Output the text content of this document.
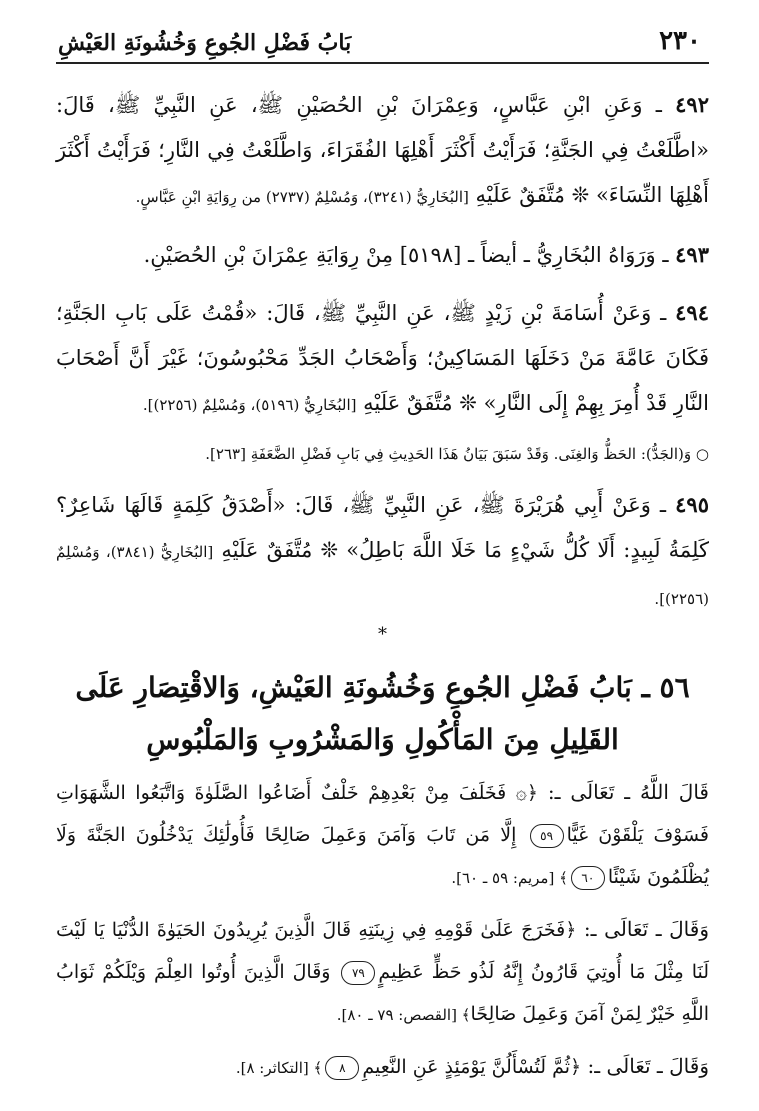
٢٣٠
بَابُ فَضْلِ الجُوعِ وَخُشُونَةِ العَيْشِ

٤٩٢ ـ وَعَنِ ابْنِ عَبَّاسٍ، وَعِمْرَانَ بْنِ الحُصَيْنِ ﷺ، عَنِ النَّبِيِّ ﷺ، قَالَ: «اطَّلَعْتُ فِي الجَنَّةِ؛ فَرَأَيْتُ أَكْثَرَ أَهْلِهَا الفُقَرَاءَ، وَاطَّلَعْتُ فِي النَّارِ؛ فَرَأَيْتُ أَكْثَرَ أَهْلِهَا النِّسَاءَ» ❊ مُتَّفَقٌ عَلَيْهِ [البُخَارِيُّ (٣٢٤١)، وَمُسْلِمٌ (٢٧٣٧) من رِوَايَةِ ابْنِ عَبَّاسٍ.

٤٩٣ ـ وَرَوَاهُ البُخَارِيُّ ـ أيضاً ـ [٥١٩٨] مِنْ رِوَايَةِ عِمْرَانَ بْنِ الحُصَيْنِ.

٤٩٤ ـ وَعَنْ أُسَامَةَ بْنِ زَيْدٍ ﷺ، عَنِ النَّبِيِّ ﷺ، قَالَ: «قُمْتُ عَلَى بَابِ الجَنَّةِ؛ فَكَانَ عَامَّةَ مَنْ دَخَلَهَا المَسَاكِينُ؛ وَأَصْحَابُ الجَدِّ مَحْبُوسُونَ؛ غَيْرَ أَنَّ أَصْحَابَ النَّارِ قَدْ أُمِرَ بِهِمْ إِلَى النَّارِ» ❊ مُتَّفَقٌ عَلَيْهِ [البُخَارِيُّ (٥١٩٦)، وَمُسْلِمٌ (٢٢٥٦)].

○ وَ(الجَدُّ): الحَظُّ وَالغِنَى. وَقَدْ سَبَقَ بَيَانُ هَذَا الحَدِيثِ فِي بَابِ فَضْلِ الضَّعَفَةِ [٢٦٣].

٤٩٥ ـ وَعَنْ أَبِي هُرَيْرَةَ ﷺ، عَنِ النَّبِيِّ ﷺ، قَالَ: «أَصْدَقُ كَلِمَةٍ قَالَهَا شَاعِرٌ؟ كَلِمَةُ لَبِيدٍ: أَلَا كُلُّ شَيْءٍ مَا خَلَا اللَّهَ بَاطِلُ» ❊ مُتَّفَقٌ عَلَيْهِ [البُخَارِيُّ (٣٨٤١)، وَمُسْلِمٌ (٢٢٥٦)].

*
٥٦ ـ بَابُ فَضْلِ الجُوعِ وَخُشُونَةِ العَيْشِ، وَالاقْتِصَارِ عَلَى
القَلِيلِ مِنَ المَأْكُولِ وَالمَشْرُوبِ وَالمَلْبُوسِ

قَالَ اللَّهُ ـ تَعَالَى ـ: ﴿۞ فَخَلَفَ مِنْ بَعْدِهِمْ خَلْفٌ أَضَاعُوا الصَّلَوٰةَ وَاتَّبَعُوا الشَّهَوَاتِ فَسَوْفَ يَلْقَوْنَ غَيًّا٥٩ إِلَّا مَن تَابَ وَآمَنَ وَعَمِلَ صَالِحًا فَأُولَٰئِكَ يَدْخُلُونَ الجَنَّةَ وَلَا يُظْلَمُونَ شَيْئًا٦٠﴾ [مريم: ٥٩ ـ ٦٠].

وَقَالَ ـ تَعَالَى ـ: ﴿فَخَرَجَ عَلَىٰ قَوْمِهِ فِي زِينَتِهِ قَالَ الَّذِينَ يُرِيدُونَ الحَيَوٰةَ الدُّنْيَا يَا لَيْتَ لَنَا مِثْلَ مَا أُوتِيَ قَارُونُ إِنَّهُ لَذُو حَظٍّ عَظِيمٍ٧٩ وَقَالَ الَّذِينَ أُوتُوا العِلْمَ وَيْلَكُمْ ثَوَابُ اللَّهِ خَيْرٌ لِمَنْ آمَنَ وَعَمِلَ صَالِحًا﴾ [القصص: ٧٩ ـ ٨٠].

وَقَالَ ـ تَعَالَى ـ: ﴿ثُمَّ لَتُسْأَلُنَّ يَوْمَئِذٍ عَنِ النَّعِيمِ٨﴾ [التكاثر: ٨].
